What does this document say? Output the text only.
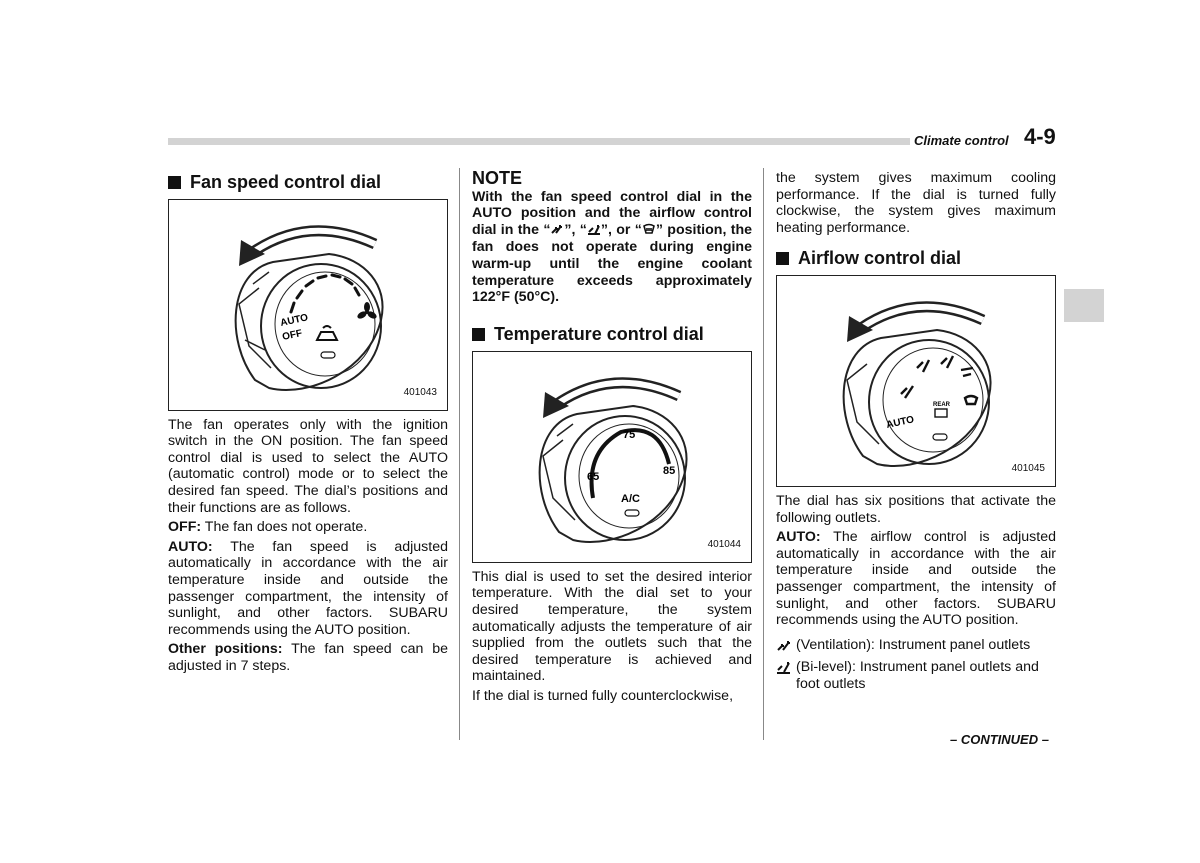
Climate control 4-9
Fan speed control dial
AUTO
OFF
401043

The fan operates only with the ignition switch in the ON position. The fan speed control dial is used to select the AUTO (automatic control) mode or to select the desired fan speed. The dial’s positions and their functions are as follows.

OFF: The fan does not operate.

AUTO: The fan speed is adjusted automatically in accordance with the air temperature inside and outside the passenger compartment, the intensity of sunlight, and other factors. SUBARU recommends using the AUTO position.

Other positions: The fan speed can be adjusted in 7 steps.

NOTE
With the fan speed control dial in the AUTO position and the airflow control dial in the “ ”, “ ”, or “ ” position, the fan does not operate during engine warm-up until the engine coolant temperature exceeds approximately 122°F (50°C).
Temperature control dial
75
65	85
A/C
401044

This dial is used to set the desired interior temperature. With the dial set to your desired temperature, the system automatically adjusts the temperature of air supplied from the outlets such that the desired temperature is achieved and maintained.

If the dial is turned fully counterclockwise,

the system gives maximum cooling performance. If the dial is turned fully clockwise, the system gives maximum heating performance.

Airflow control dial
AUTO
REAR
401045

The dial has six positions that activate the following outlets.

AUTO: The airflow control is adjusted automatically in accordance with the air temperature inside and outside the passenger compartment, the intensity of sunlight, and other factors. SUBARU recommends using the AUTO position.

(Ventilation): Instrument panel outlets
(Bi-level): Instrument panel outlets and foot outlets
– CONTINUED –
